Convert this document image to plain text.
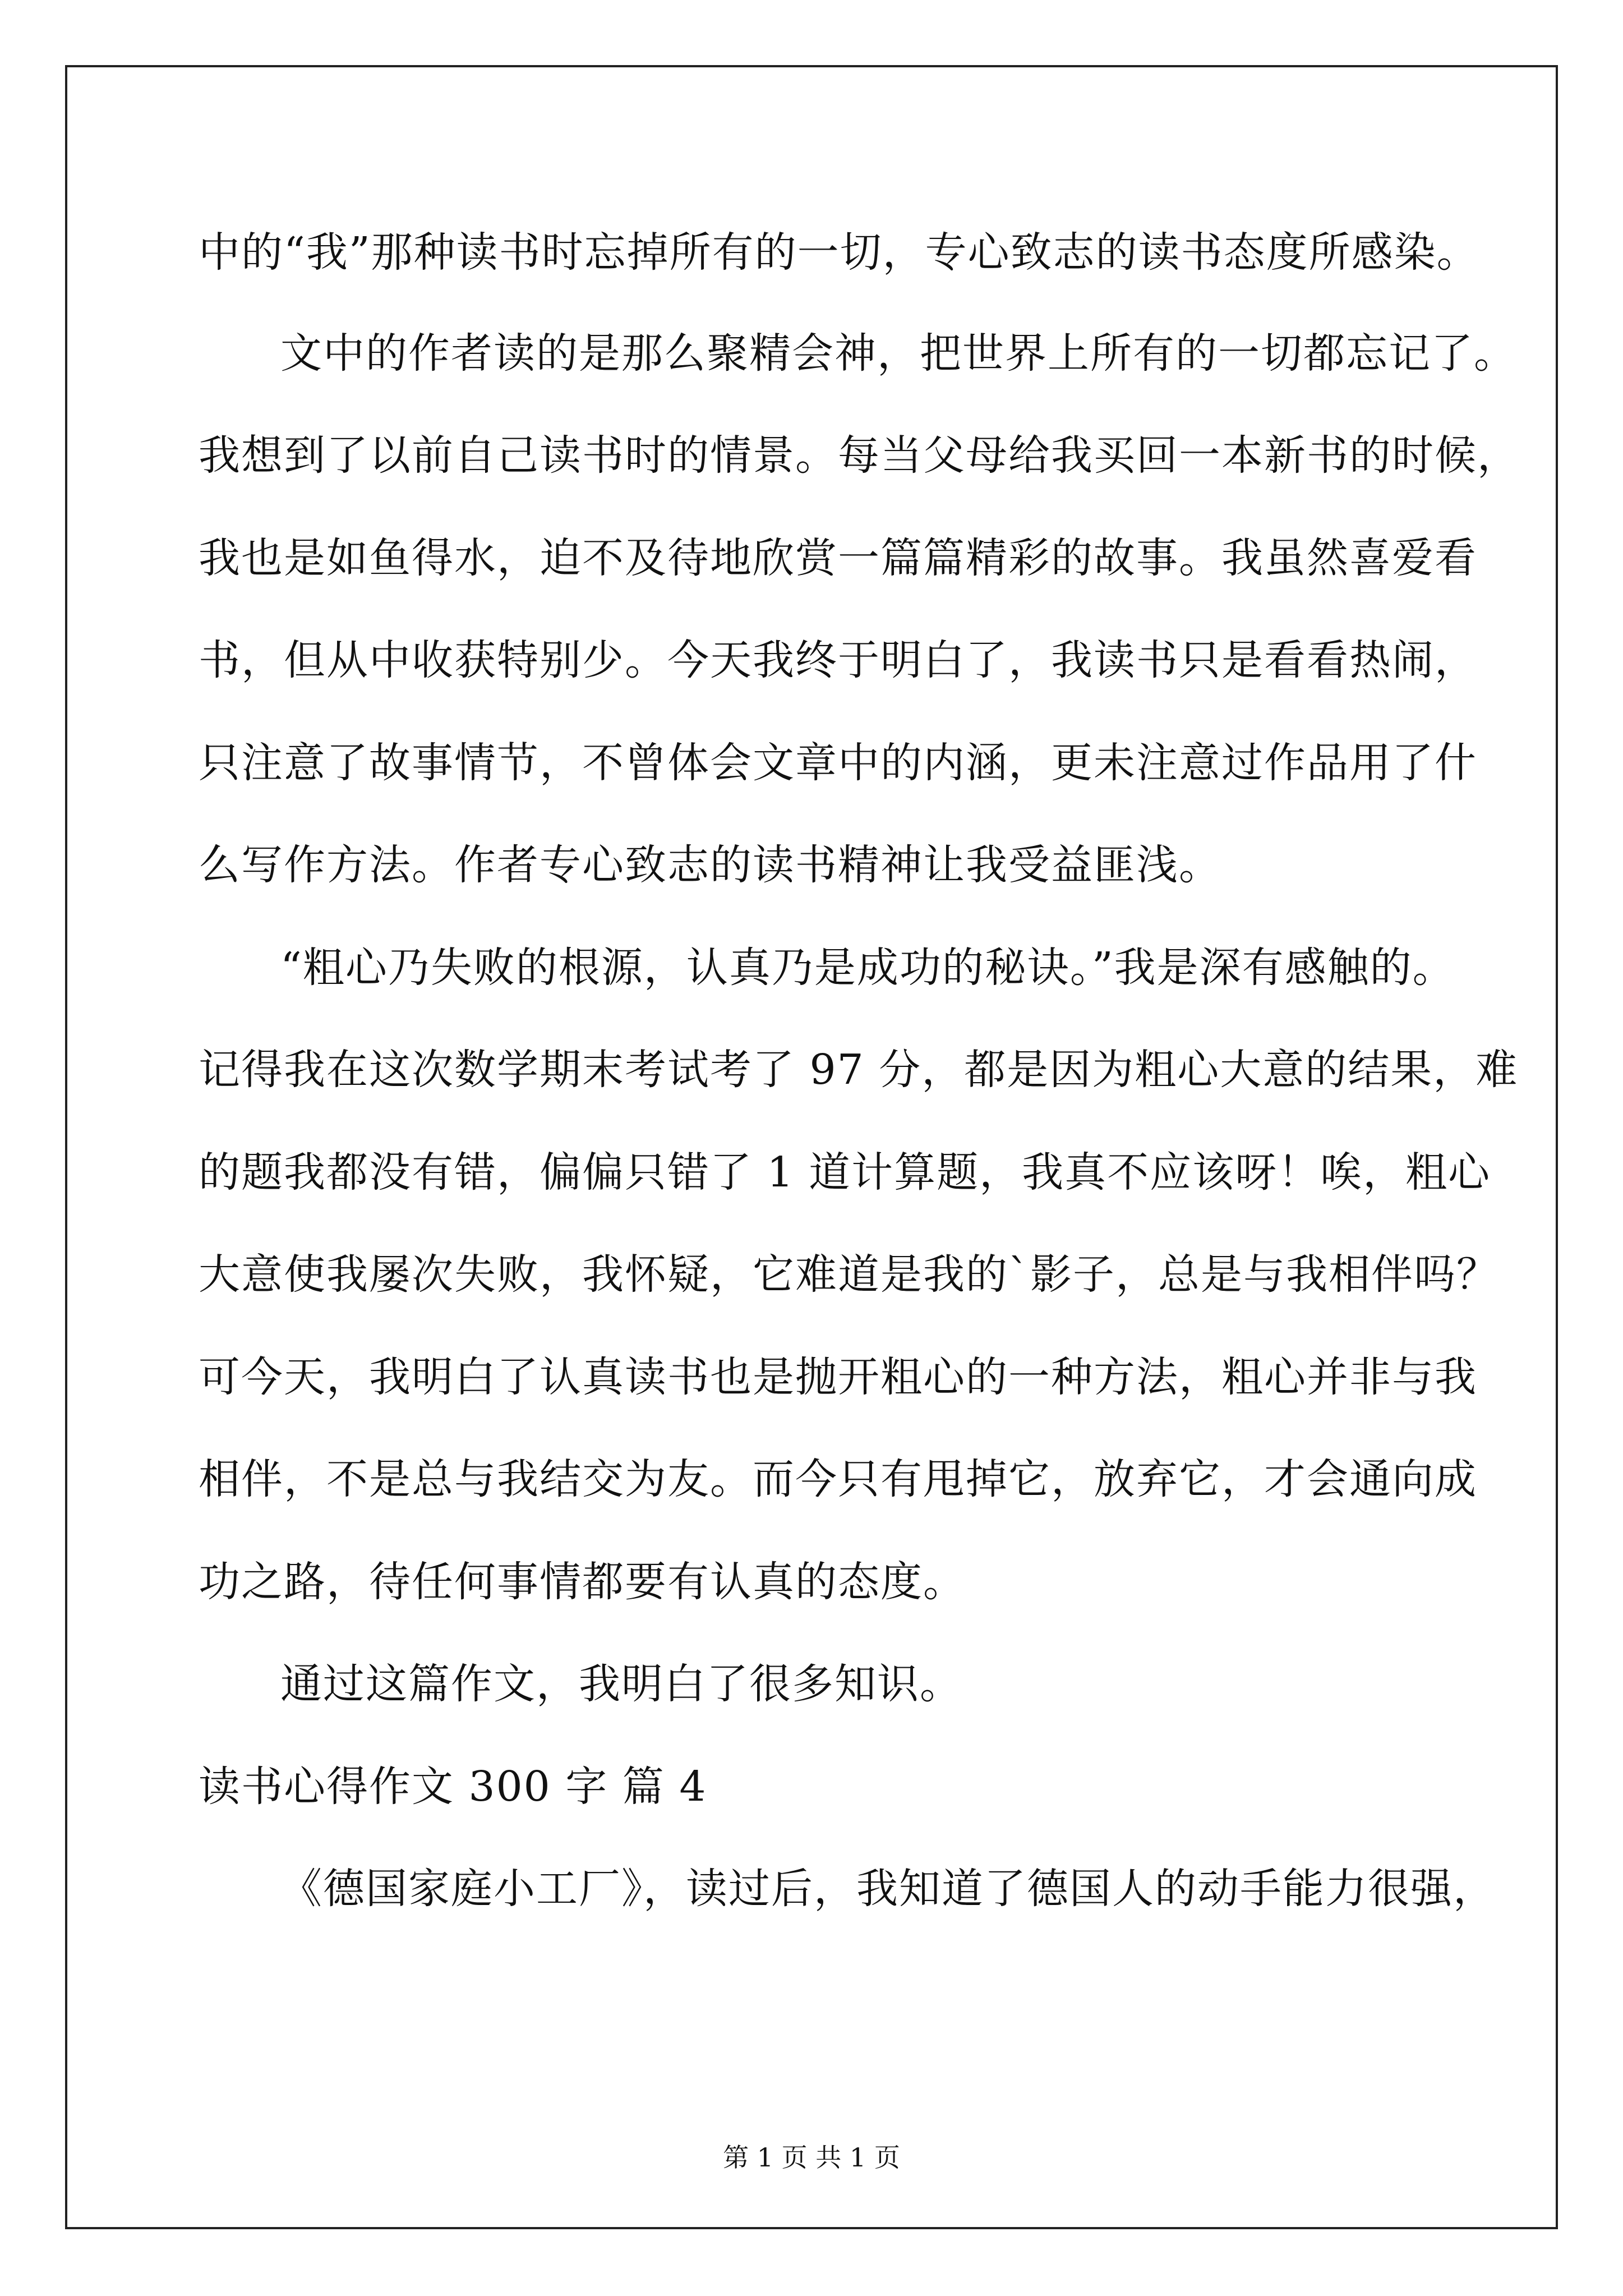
中的“我”那种读书时忘掉所有的一切，专心致志的读书态度所感染。
文中的作者读的是那么聚精会神，把世界上所有的一切都忘记了。
我想到了以前自己读书时的情景。每当父母给我买回一本新书的时候，
我也是如鱼得水，迫不及待地欣赏一篇篇精彩的故事。我虽然喜爱看
书，但从中收获特别少。今天我终于明白了，我读书只是看看热闹，
只注意了故事情节，不曾体会文章中的内涵，更未注意过作品用了什
么写作方法。作者专心致志的读书精神让我受益匪浅。
“粗心乃失败的根源，认真乃是成功的秘诀。”我是深有感触的。
记得我在这次数学期末考试考了 97 分，都是因为粗心大意的结果，难
的题我都没有错，偏偏只错了 1 道计算题，我真不应该呀！唉，粗心
大意使我屡次失败，我怀疑，它难道是我的`影子，总是与我相伴吗？
可今天，我明白了认真读书也是抛开粗心的一种方法，粗心并非与我
相伴，不是总与我结交为友。而今只有甩掉它，放弃它，才会通向成
功之路，待任何事情都要有认真的态度。
通过这篇作文，我明白了很多知识。
读书心得作文 300 字 篇 4
《德国家庭小工厂》，读过后，我知道了德国人的动手能力很强，
第 1 页 共 1 页
